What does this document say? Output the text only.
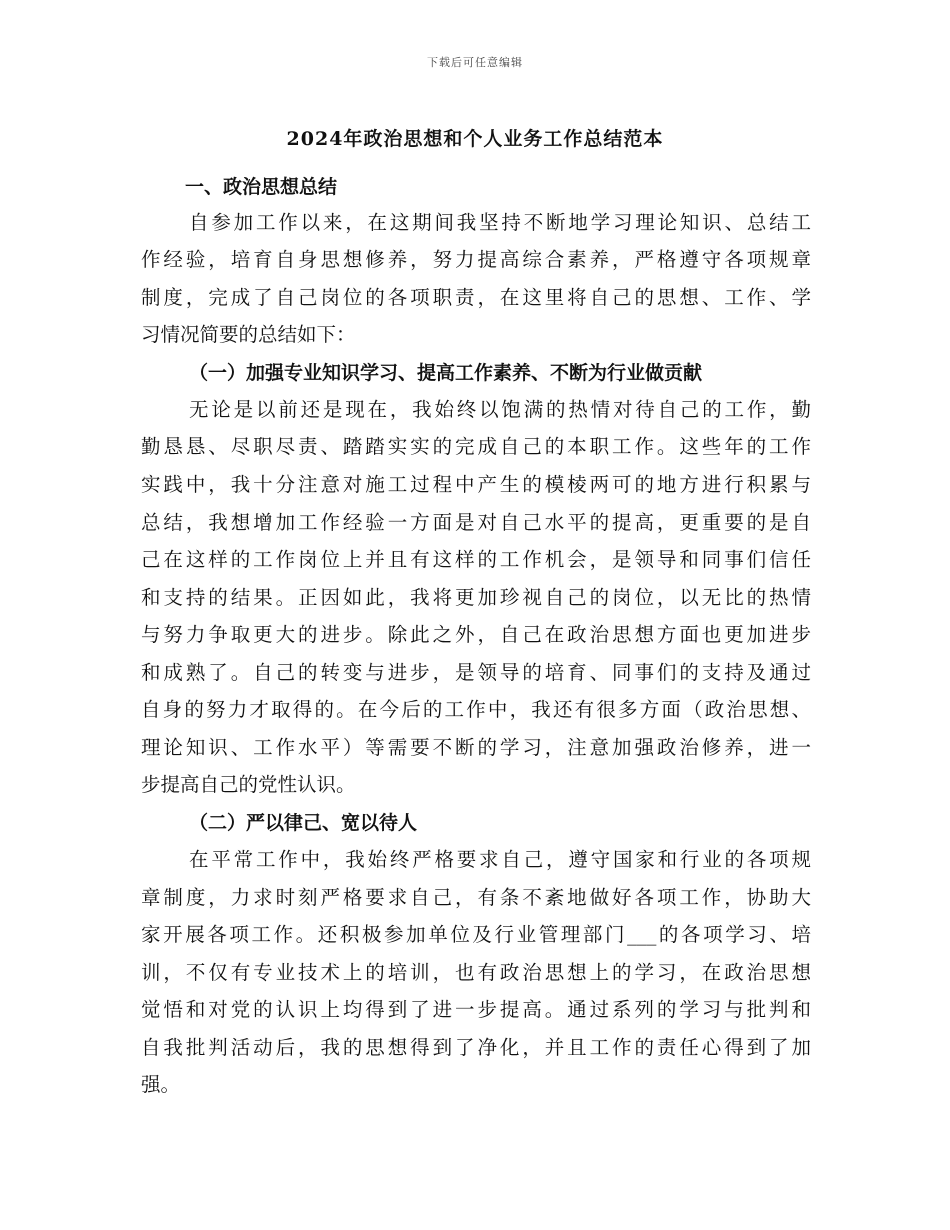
下载后可任意编辑
2024年政治思想和个人业务工作总结范本
一、政治思想总结
自参加工作以来，在这期间我坚持不断地学习理论知识、总结工
作经验，培育自身思想修养，努力提高综合素养，严格遵守各项规章
制度，完成了自己岗位的各项职责，在这里将自己的思想、工作、学
习情况简要的总结如下：
（一）加强专业知识学习、提高工作素养、不断为行业做贡献
无论是以前还是现在，我始终以饱满的热情对待自己的工作，勤
勤恳恳、尽职尽责、踏踏实实的完成自己的本职工作。这些年的工作
实践中，我十分注意对施工过程中产生的模棱两可的地方进行积累与
总结，我想增加工作经验一方面是对自己水平的提高，更重要的是自
己在这样的工作岗位上并且有这样的工作机会，是领导和同事们信任
和支持的结果。正因如此，我将更加珍视自己的岗位，以无比的热情
与努力争取更大的进步。除此之外，自己在政治思想方面也更加进步
和成熟了。自己的转变与进步，是领导的培育、同事们的支持及通过
自身的努力才取得的。在今后的工作中，我还有很多方面（政治思想、
理论知识、工作水平）等需要不断的学习，注意加强政治修养，进一
步提高自己的党性认识。
（二）严以律己、宽以待人
在平常工作中，我始终严格要求自己，遵守国家和行业的各项规
章制度，力求时刻严格要求自己，有条不紊地做好各项工作，协助大
家开展各项工作。还积极参加单位及行业管理部门___的各项学习、培
训，不仅有专业技术上的培训，也有政治思想上的学习，在政治思想
觉悟和对党的认识上均得到了进一步提高。通过系列的学习与批判和
自我批判活动后，我的思想得到了净化，并且工作的责任心得到了加
强。
